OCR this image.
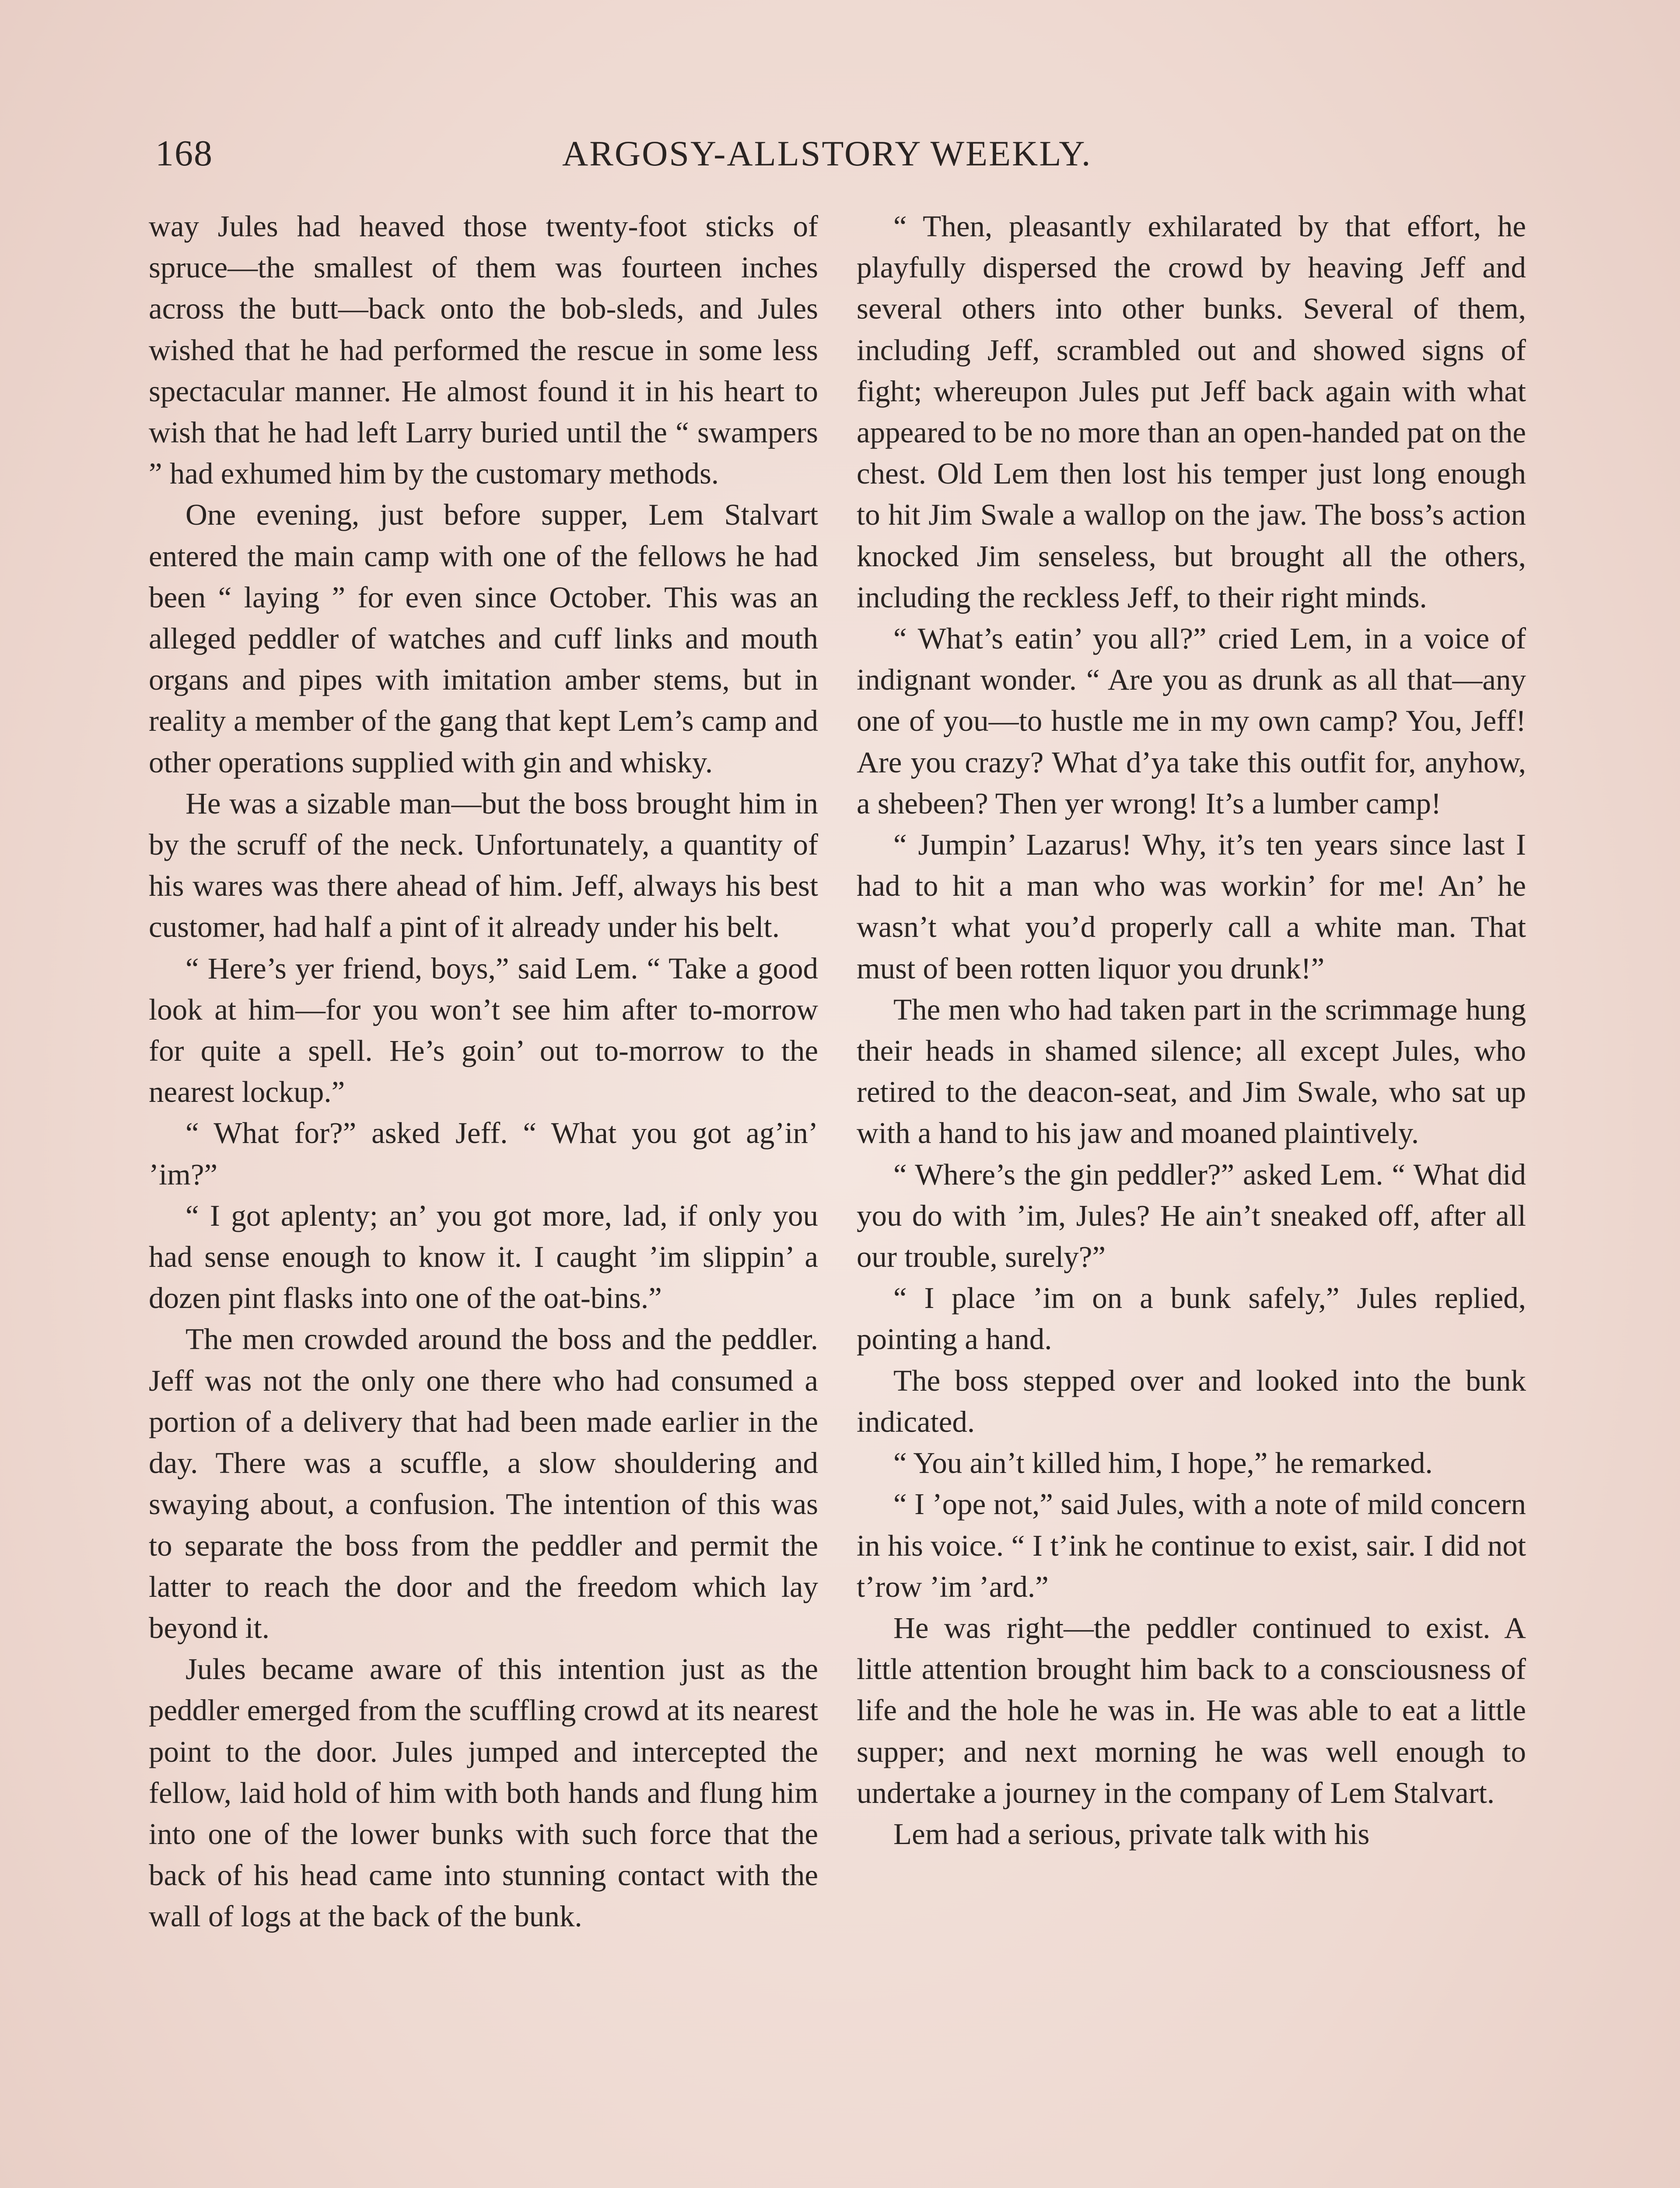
168	ARGOSY-ALLSTORY WEEKLY.

way Jules had heaved those twenty-foot sticks of spruce—the smallest of them was fourteen inches across the butt—back onto the bob-sleds, and Jules wished that he had performed the rescue in some less spectacular manner. He almost found it in his heart to wish that he had left Larry buried until the “ swampers ” had exhumed him by the customary methods.

One evening, just before supper, Lem Stalvart entered the main camp with one of the fellows he had been “ laying ” for even since October. This was an alleged peddler of watches and cuff links and mouth organs and pipes with imitation amber stems, but in reality a member of the gang that kept Lem’s camp and other operations supplied with gin and whisky.

He was a sizable man—but the boss brought him in by the scruff of the neck. Unfortunately, a quantity of his wares was there ahead of him. Jeff, always his best customer, had half a pint of it already under his belt.

“ Here’s yer friend, boys,” said Lem. “ Take a good look at him—for you won’t see him after to-morrow for quite a spell. He’s goin’ out to-morrow to the nearest lockup.”

“ What for?” asked Jeff. “ What you got ag’in’ ’im?”

“ I got aplenty; an’ you got more, lad, if only you had sense enough to know it. I caught ’im slippin’ a dozen pint flasks into one of the oat-bins.”

The men crowded around the boss and the peddler. Jeff was not the only one there who had consumed a portion of a delivery that had been made earlier in the day. There was a scuffle, a slow shouldering and swaying about, a confusion. The intention of this was to separate the boss from the peddler and permit the latter to reach the door and the freedom which lay beyond it.

Jules became aware of this intention just as the peddler emerged from the scuffling crowd at its nearest point to the door. Jules jumped and intercepted the fellow, laid hold of him with both hands and flung him into one of the lower bunks with such force that the back of his head came into stunning contact with the wall of logs at the back of the bunk.

“ Then, pleasantly exhilarated by that effort, he playfully dispersed the crowd by heaving Jeff and several others into other bunks. Several of them, including Jeff, scrambled out and showed signs of fight; whereupon Jules put Jeff back again with what appeared to be no more than an open-handed pat on the chest. Old Lem then lost his temper just long enough to hit Jim Swale a wallop on the jaw. The boss’s action knocked Jim senseless, but brought all the others, including the reckless Jeff, to their right minds.

“ What’s eatin’ you all?” cried Lem, in a voice of indignant wonder. “ Are you as drunk as all that—any one of you—to hustle me in my own camp? You, Jeff! Are you crazy? What d’ya take this outfit for, anyhow, a shebeen? Then yer wrong! It’s a lumber camp!

“ Jumpin’ Lazarus! Why, it’s ten years since last I had to hit a man who was workin’ for me! An’ he wasn’t what you’d properly call a white man. That must of been rotten liquor you drunk!”

The men who had taken part in the scrimmage hung their heads in shamed silence; all except Jules, who retired to the deacon-seat, and Jim Swale, who sat up with a hand to his jaw and moaned plaintively.

“ Where’s the gin peddler?” asked Lem. “ What did you do with ’im, Jules? He ain’t sneaked off, after all our trouble, surely?”

“ I place ’im on a bunk safely,” Jules replied, pointing a hand.

The boss stepped over and looked into the bunk indicated.

“ You ain’t killed him, I hope,” he remarked.

“ I ’ope not,” said Jules, with a note of mild concern in his voice. “ I t’ink he continue to exist, sair. I did not t’row ’im ’ard.”

He was right—the peddler continued to exist. A little attention brought him back to a consciousness of life and the hole he was in. He was able to eat a little supper; and next morning he was well enough to undertake a journey in the company of Lem Stalvart.

Lem had a serious, private talk with his
